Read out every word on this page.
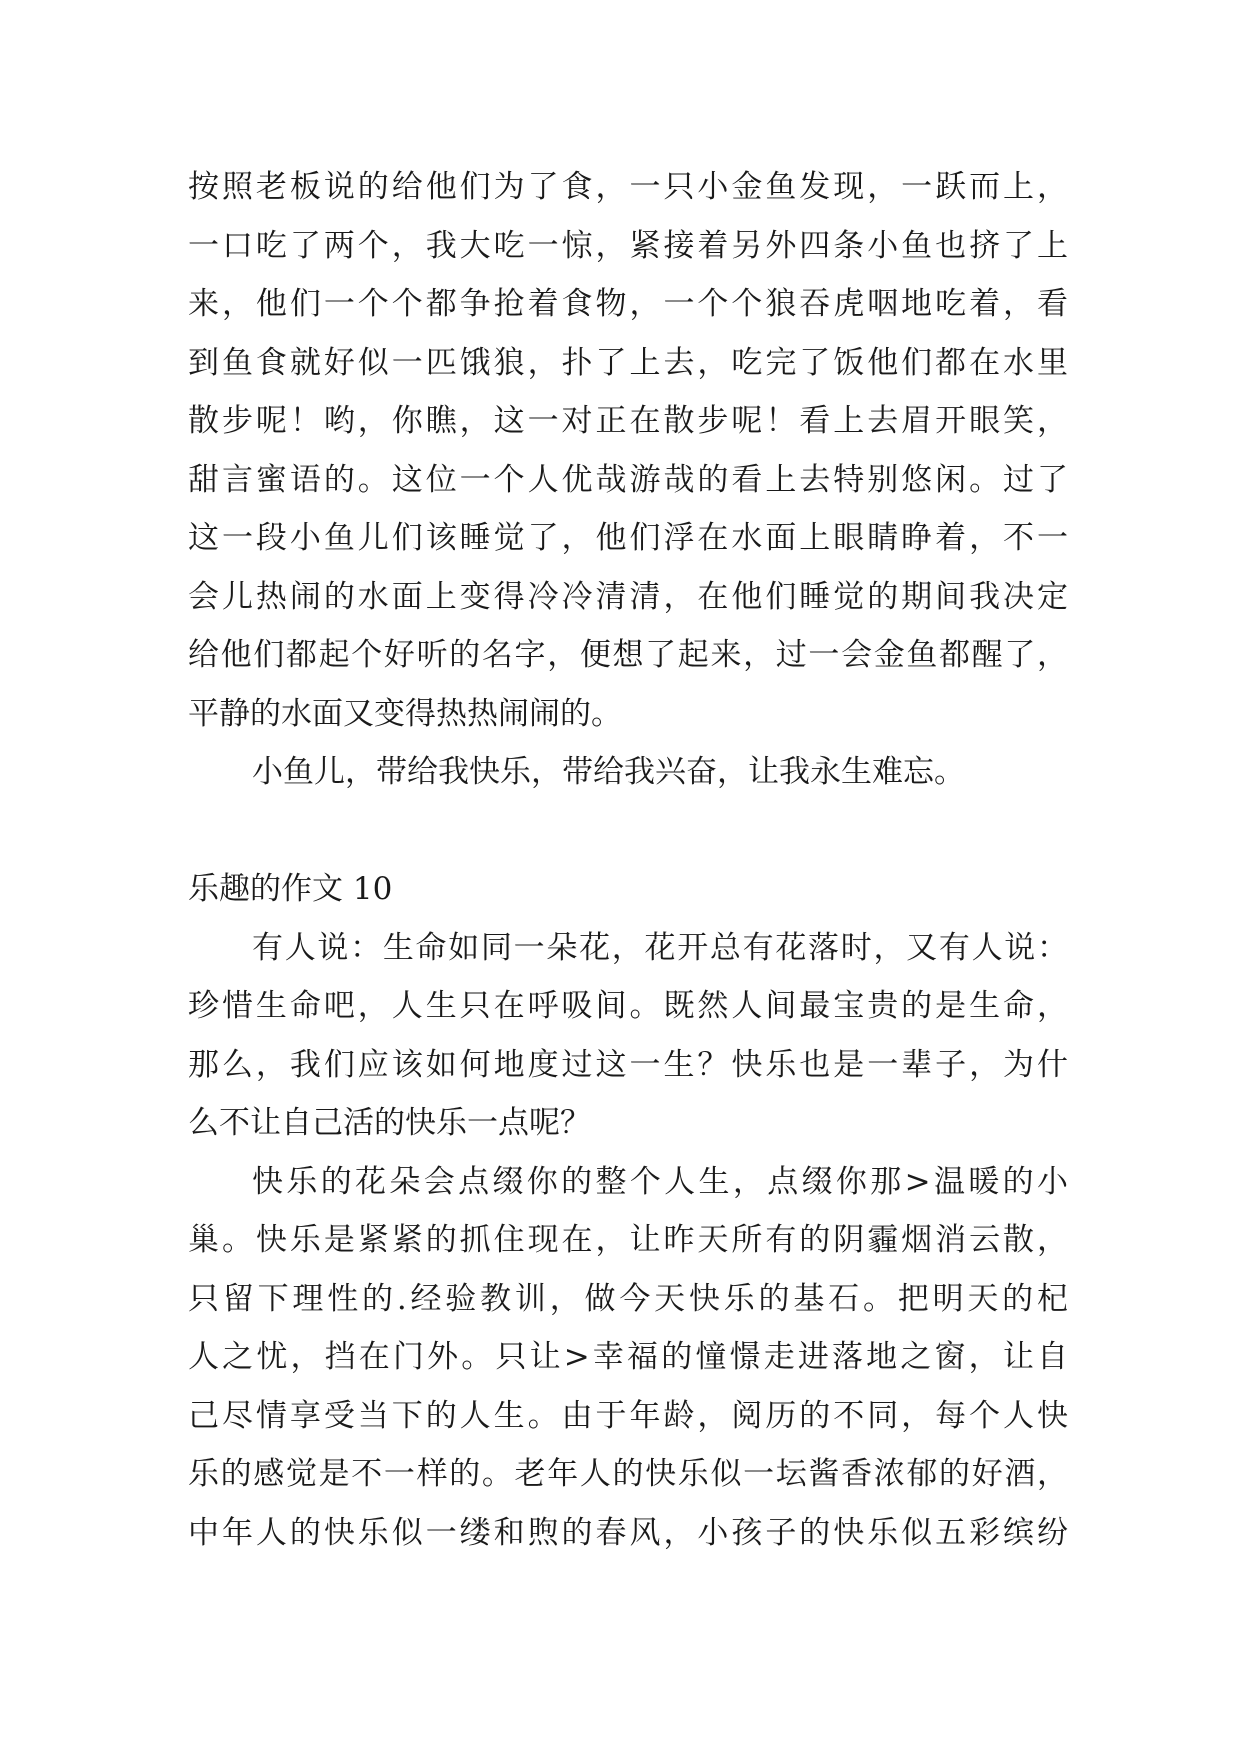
按照老板说的给他们为了食，一只小金鱼发现，一跃而上，
一口吃了两个，我大吃一惊，紧接着另外四条小鱼也挤了上
来，他们一个个都争抢着食物，一个个狼吞虎咽地吃着，看
到鱼食就好似一匹饿狼，扑了上去，吃完了饭他们都在水里
散步呢！哟，你瞧，这一对正在散步呢！看上去眉开眼笑，
甜言蜜语的。这位一个人优哉游哉的看上去特别悠闲。过了
这一段小鱼儿们该睡觉了，他们浮在水面上眼睛睁着，不一
会儿热闹的水面上变得冷冷清清，在他们睡觉的期间我决定
给他们都起个好听的名字，便想了起来，过一会金鱼都醒了，
平静的水面又变得热热闹闹的。
小鱼儿，带给我快乐，带给我兴奋，让我永生难忘。
乐趣的作文 10
有人说：生命如同一朵花，花开总有花落时，又有人说：
珍惜生命吧，人生只在呼吸间。既然人间最宝贵的是生命，
那么，我们应该如何地度过这一生？快乐也是一辈子，为什
么不让自己活的快乐一点呢？
快乐的花朵会点缀你的整个人生，点缀你那>温暖的小
巢。快乐是紧紧的抓住现在，让昨天所有的阴霾烟消云散，
只留下理性的.经验教训，做今天快乐的基石。把明天的杞
人之忧，挡在门外。只让>幸福的憧憬走进落地之窗，让自
己尽情享受当下的人生。由于年龄，阅历的不同，每个人快
乐的感觉是不一样的。老年人的快乐似一坛酱香浓郁的好酒，
中年人的快乐似一缕和煦的春风，小孩子的快乐似五彩缤纷
